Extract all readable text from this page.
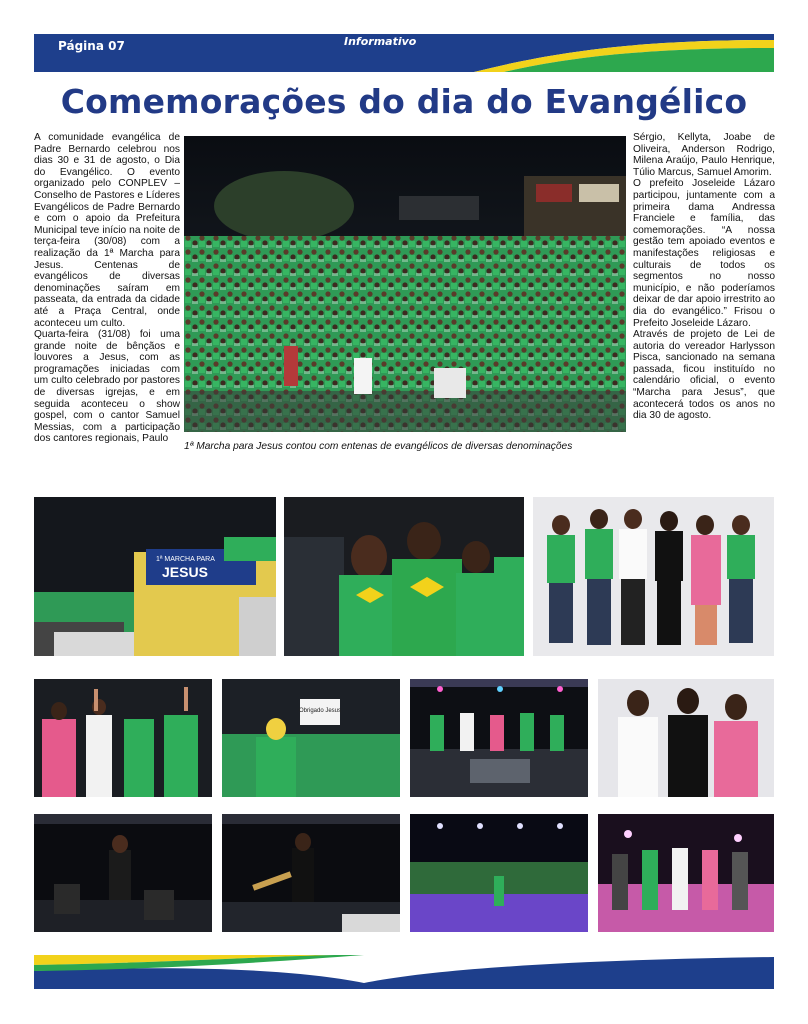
Página 07	Informativo
Comemorações do dia do Evangélico

A comunidade evangélica de Padre Bernardo celebrou nos dias 30 e 31 de agosto, o Dia do Evangélico. O evento organizado pelo CONPLEV – Conselho de Pastores e Líderes Evangélicos de Padre Bernardo e com o apoio da Prefeitura Municipal teve início na noite de terça-feira (30/08) com a realização da 1ª Marcha para Jesus. Centenas de evangélicos de diversas denominações saíram em passeata, da entrada da cidade até a Praça Central, onde aconteceu um culto.

Quarta-feira (31/08) foi uma grande noite de bênçãos e louvores a Jesus, com as programações iniciadas com um culto celebrado por pastores de diversas igrejas, e em seguida aconteceu o show gospel, com o cantor Samuel Messias, com a participação dos cantores regionais, Paulo

1ª Marcha para Jesus contou com entenas de evangélicos de diversas denominações

Sérgio, Kellyta, Joabe de Oliveira, Anderson Rodrigo, Milena Araújo, Paulo Henrique, Túlio Marcus, Samuel Amorim.

O prefeito Joseleide Lázaro participou, juntamente com a primeira dama Andressa Franciele e família, das comemorações. “A nossa gestão tem apoiado eventos e manifestações religiosas e culturais de todos os segmentos no nosso município, e não poderíamos deixar de dar apoio irrestrito ao dia do evangélico.” Frisou o Prefeito Joseleide Lázaro.

Através de projeto de Lei de autoria do vereador Harlysson Pisca, sancionado na semana passada, ficou instituído no calendário oficial, o evento “Marcha para Jesus”, que acontecerá todos os anos no dia 30 de agosto.

1ª MARCHA PARA
JESUS
Obrigado Jesus
